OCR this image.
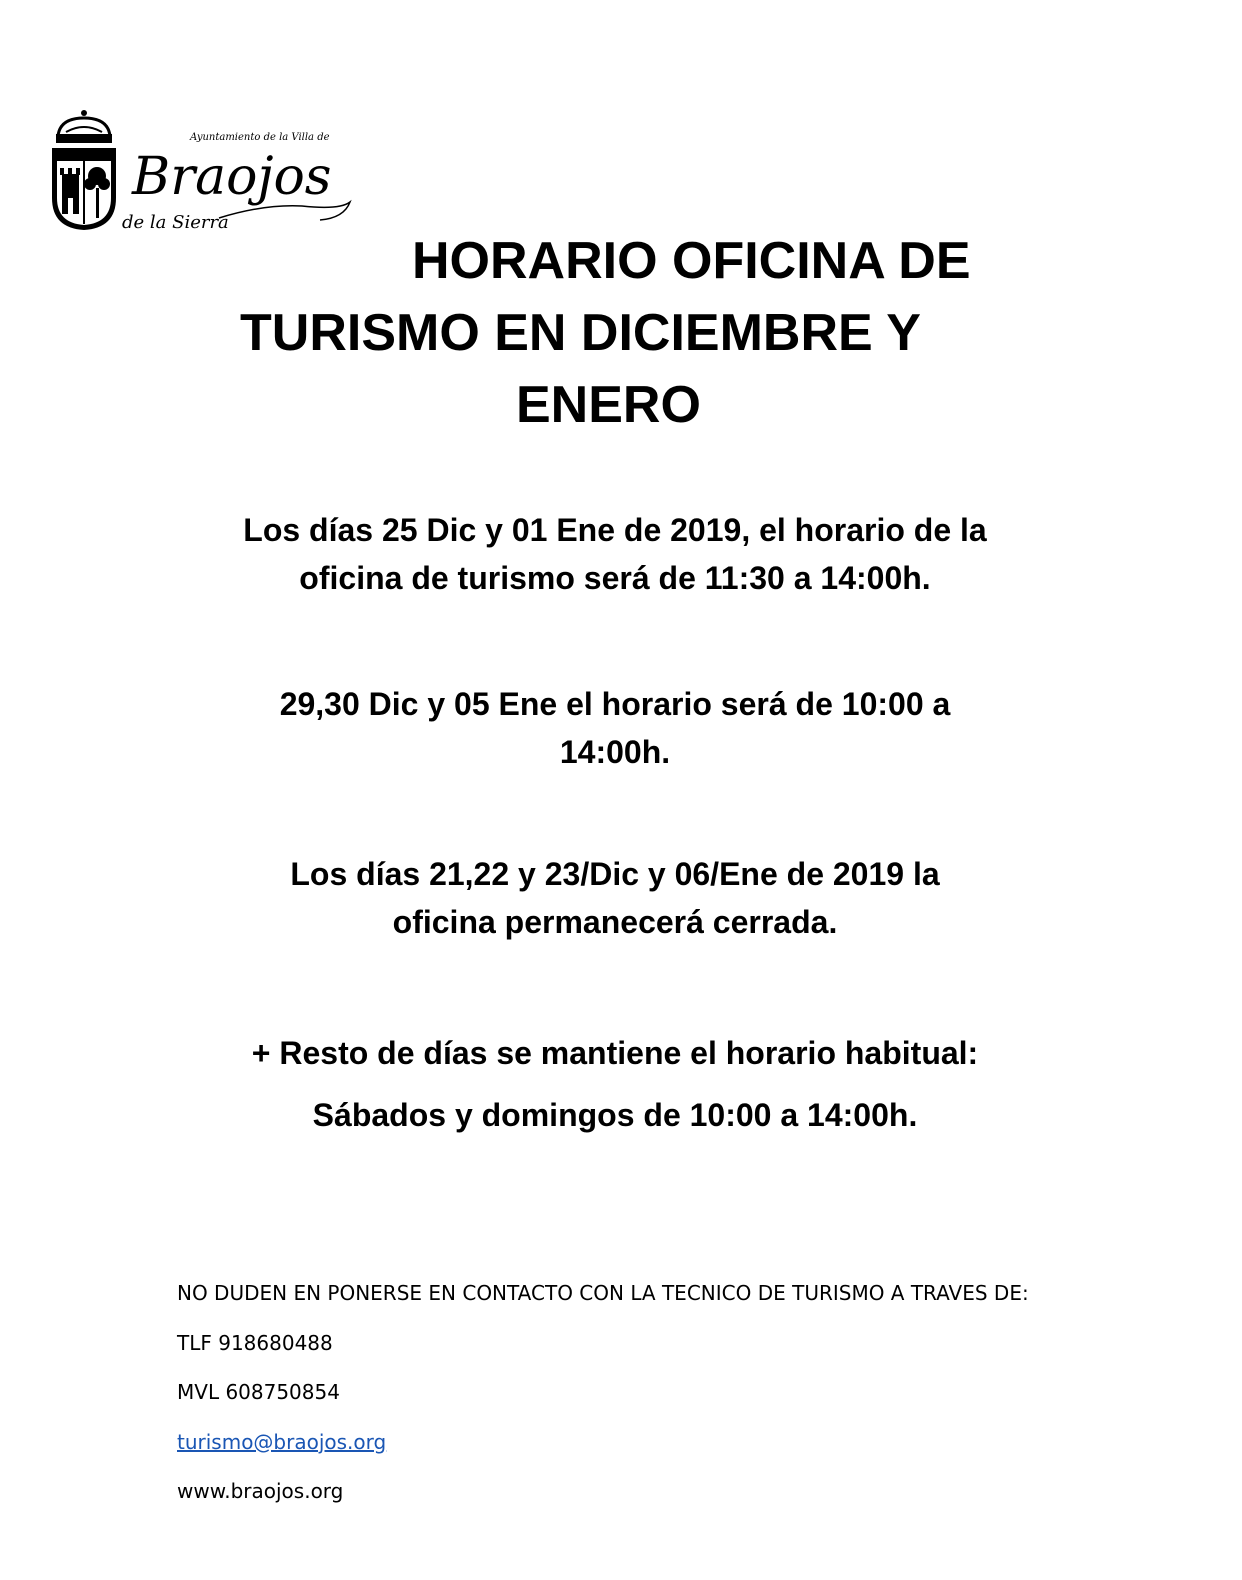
Ayuntamiento de la Villa de
Braojos
de la Sierra
HORARIO OFICINA DE
TURISMO EN DICIEMBRE Y
ENERO

Los días 25 Dic y 01 Ene de 2019, el horario de la
oficina de turismo será de 11:30 a 14:00h.

29,30 Dic y 05 Ene el horario será de 10:00 a
14:00h.

Los días 21,22 y 23/Dic y 06/Ene de 2019 la
oficina permanecerá cerrada.

+ Resto de días se mantiene el horario habitual:
Sábados y domingos de 10:00 a 14:00h.

NO DUDEN EN PONERSE EN CONTACTO CON LA TECNICO DE TURISMO A TRAVES DE:

TLF 918680488

MVL 608750854

turismo@braojos.org

www.braojos.org
